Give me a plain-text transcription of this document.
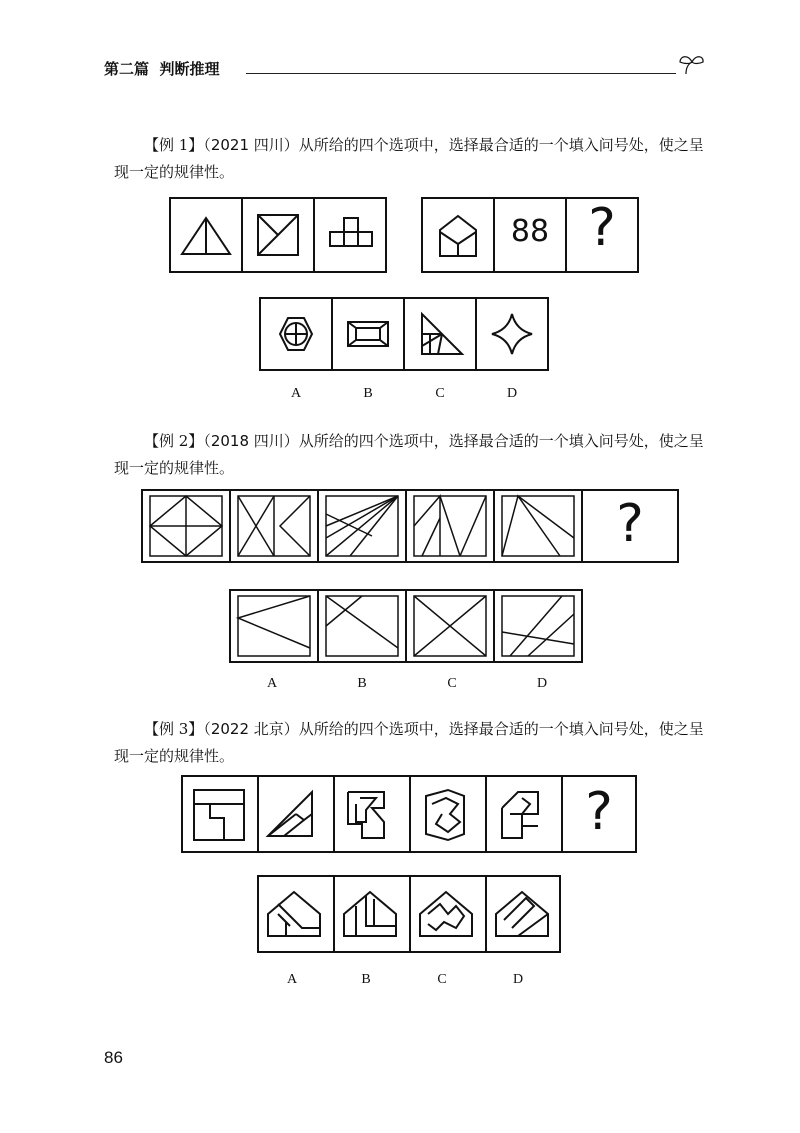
第二篇 判断推理
【例 1】（2021 四川）从所给的四个选项中，选择最合适的一个填入问号处，使之呈现一定的规律性。
88 ?
A	B	C	D
【例 2】（2018 四川）从所给的四个选项中，选择最合适的一个填入问号处，使之呈现一定的规律性。
?
A	B	C	D
【例 3】（2022 北京）从所给的四个选项中，选择最合适的一个填入问号处，使之呈现一定的规律性。
?
A	B	C	D
86
